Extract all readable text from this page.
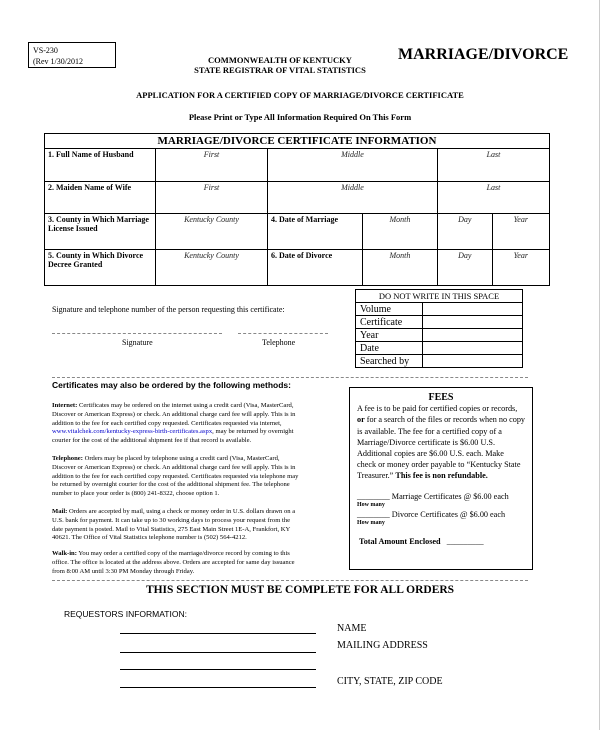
VS-230
(Rev 1/30/2012	COMMONWEALTH OF KENTUCKY
STATE REGISTRAR OF VITAL STATISTICS
MARRIAGE/DIVORCE
APPLICATION FOR A CERTIFIED COPY OF MARRIAGE/DIVORCE CERTIFICATE
Please Print or Type All Information Required On This Form
MARRIAGE/DIVORCE CERTIFICATE INFORMATION					
1. Full Name of Husband	First	Middle		Last	
2. Maiden Name of Wife	First	Middle		Last	
3. County in Which Marriage License Issued	Kentucky County	4. Date of Marriage	Month	Day	Year
5. County in Which Divorce Decree Granted	Kentucky County	6. Date of Divorce	Month	Day	Year
Signature and telephone number of the person requesting this certificate:
Signature	Telephone
DO NOT WRITE IN THIS SPACE	
Volume	
Certificate	
Year	
Date	
Searched by	
Certificates may also be ordered by the following methods:
Internet: Certificates may be ordered on the internet using a credit card (Visa, MasterCard, Discover or American Express) or check. An additional charge card fee will apply. This is in addition to the fee for each certified copy requested. Certificates requested via internet, www.vitalchek.com/kentucky-express-birth-certificates.aspx, may be returned by overnight courier for the cost of the additional shipment fee if that record is available.
Telephone: Orders may be placed by telephone using a credit card (Visa, MasterCard, Discover or American Express) or check. An additional charge card fee will apply. This is in addition to the fee for each certified copy requested. Certificates requested via telephone may be returned by overnight courier for the cost of the additional shipment fee. The telephone number to place your order is (800) 241-8322, choose option 1.
Mail: Orders are accepted by mail, using a check or money order in U.S. dollars drawn on a U.S. bank for payment. It can take up to 30 working days to process your request from the date payment is posted. Mail to Vital Statistics, 275 East Main Street 1E-A, Frankfort, KY 40621. The Office of Vital Statistics telephone number is (502) 564-4212.
Walk-in: You may order a certified copy of the marriage/divorce record by coming to this office. The office is located at the address above. Orders are accepted for same day issuance from 8:00 AM until 3:30 PM Monday through Friday.
FEES
A fee is to be paid for certified copies or records, or for a search of the files or records when no copy is available. The fee for a certified copy of a Marriage/Divorce certificate is $6.00 U.S. Additional copies are $6.00 U.S. each. Make check or money order payable to “Kentucky State Treasurer.” This fee is non refundable.
________ Marriage Certificates @ $6.00 each
How many
________ Divorce Certificates @ $6.00 each
How many
Total Amount Enclosed _________
THIS SECTION MUST BE COMPLETE FOR ALL ORDERS
REQUESTORS INFORMATION:
NAME
MAILING ADDRESS
CITY, STATE, ZIP CODE
